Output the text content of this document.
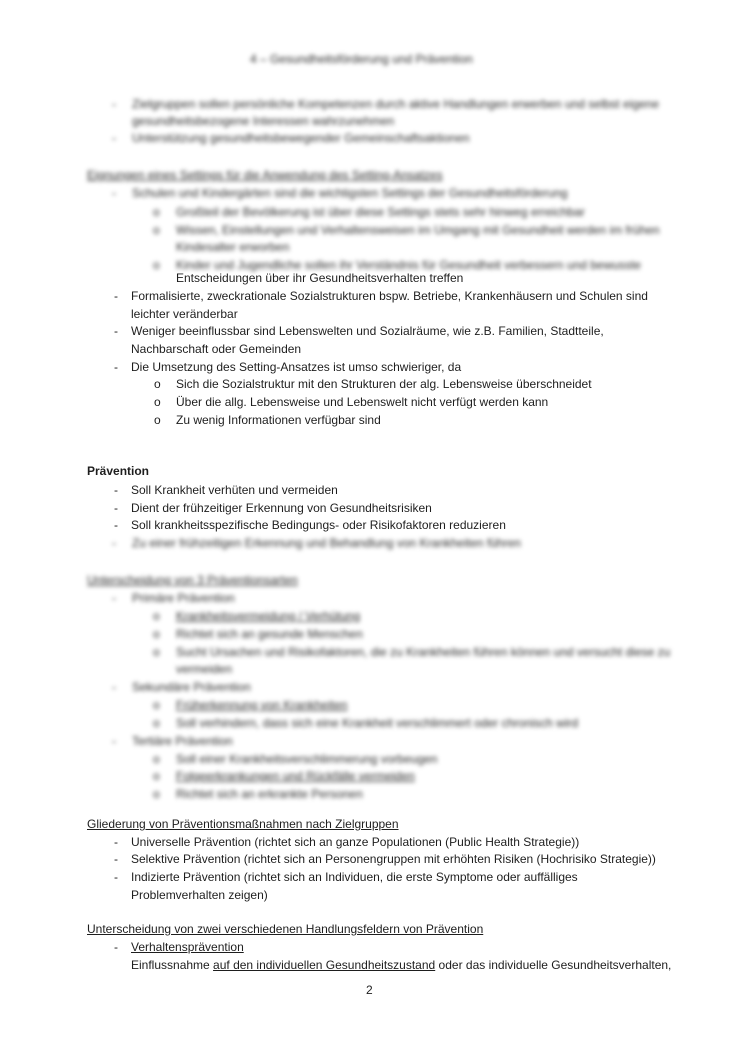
4 – Gesundheitsförderung und Prävention
- Zielgruppen sollen persönliche Kompetenzen durch aktive Handlungen erwerben und selbst eigene
gesundheitsbezogene Interessen wahrzunehmen
- Unterstützung gesundheitsbewegender Gemeinschaftsaktionen
Eignungen eines Settings für die Anwendung des Setting-Ansatzes
- Schulen und Kindergärten sind die wichtigsten Settings der Gesundheitsförderung
o Großteil der Bevölkerung ist über diese Settings stets sehr hinweg erreichbar
o Wissen, Einstellungen und Verhaltensweisen im Umgang mit Gesundheit werden im frühen
Kindesalter erworben
o Kinder und Jugendliche sollen ihr Verständnis für Gesundheit verbessern und bewusste
Entscheidungen über ihr Gesundheitsverhalten treffen
- Formalisierte, zweckrationale Sozialstrukturen bspw. Betriebe, Krankenhäusern und Schulen sind
leichter veränderbar
- Weniger beeinflussbar sind Lebenswelten und Sozialräume, wie z.B. Familien, Stadtteile,
Nachbarschaft oder Gemeinden
- Die Umsetzung des Setting-Ansatzes ist umso schwieriger, da
o Sich die Sozialstruktur mit den Strukturen der alg. Lebensweise überschneidet
o Über die allg. Lebensweise und Lebenswelt nicht verfügt werden kann
o Zu wenig Informationen verfügbar sind
Prävention
- Soll Krankheit verhüten und vermeiden
- Dient der frühzeitiger Erkennung von Gesundheitsrisiken
- Soll krankheitsspezifische Bedingungs- oder Risikofaktoren reduzieren
- Zu einer frühzeitigen Erkennung und Behandlung von Krankheiten führen
Unterscheidung von 3 Präventionsarten
- Primäre Prävention
o Krankheitsvermeidung / Verhütung
o Richtet sich an gesunde Menschen
o Sucht Ursachen und Risikofaktoren, die zu Krankheiten führen können und versucht diese zu
vermeiden
- Sekundäre Prävention
o Früherkennung von Krankheiten
o Soll verhindern, dass sich eine Krankheit verschlimmert oder chronisch wird
- Tertiäre Prävention
o Soll einer Krankheitsverschlimmerung vorbeugen
o Folgeerkrankungen und Rückfälle vermeiden
o Richtet sich an erkrankte Personen
Gliederung von Präventionsmaßnahmen nach Zielgruppen
- Universelle Prävention (richtet sich an ganze Populationen (Public Health Strategie))
- Selektive Prävention (richtet sich an Personengruppen mit erhöhten Risiken (Hochrisiko Strategie))
- Indizierte Prävention (richtet sich an Individuen, die erste Symptome oder auffälliges
Problemverhalten zeigen)
Unterscheidung von zwei verschiedenen Handlungsfeldern von Prävention
- Verhaltensprävention
Einflussnahme auf den individuellen Gesundheitszustand oder das individuelle Gesundheitsverhalten,
2
